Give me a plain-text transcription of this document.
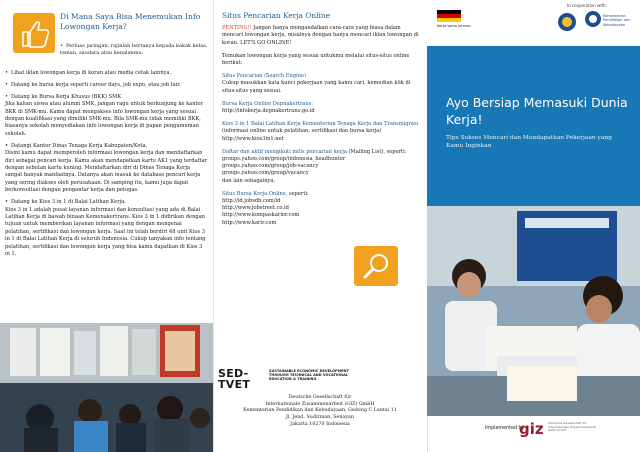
Di Mana Saya Bisa Menemukan Info Lowongan Kerja?
• Perluas jaringan, rajinlah bertanya kepada kakak kelas, teman, saudara atau kenalanmu.

• Lihat iklan lowongan kerja di koran atau media cetak lainnya.

• Datang ke bursa kerja seperti career days, job expo, atau job fair.

• Datang ke Bursa Kerja Khusus (BKK) SMK
Jika kalian siswa atau alumni SMK, jangan ragu untuk berkunjung ke kantor BKK di SMK-mu. Kamu dapat mengakses info lowongan kerja yang sesuai dengan kualifikasi yang dimiliki SMK-mu. Bila SMK-mu tidak memiliki BKK, biasanya sekolah menyediakan info lowongan kerja di papan pengumuman sekolah.

• Datangi Kantor Dinas Tenaga Kerja Kabupaten/Kota.
Disini kamu dapat memperoleh informasi lowongan kerja dan mendaftarkan diri sebagai pencari kerja. Kamu akan mendapatkan kartu AK1 yang terdaftar dengan sebutan kartu kuning. Mendaftarkan diri di Dinas Tenaga Kerja sangat banyak manfaatnya. Datanya akan masuk ke database pencari kerja yang sering diakses oleh perusahaan. Di samping itu, kamu juga dapat berkonsultasi dengan pengantar kerja dan petugas.

• Datang ke Kios 3 in 1 di Balai Latihan Kerja.
Kios 3 in 1 adalah pusat layanan informasi dan konsultasi yang ada di Balai Latihan Kerja di bawah binaan Kemenakertrans. Kios 3 in 1 didirikan dengan tujuan untuk memberikan layanan informasi yang dengan mengenai pelatihan, sertifikasi dan lowongan kerja. Saat ini telah berdiri 48 unit Kios 3 in 1 di Balai Latihan Kerja di seluruh Indonesia. Cukup tanyakan info tentang pelatihan, sertifikasi dan lowongan kerja yang bisa kamu dapatkan di Kios 3 in 1.

Situs Pencarian Kerja Online

PENTING!! Jangan hanya mengandalkan cara-cara yang biasa dalam mencari lowongan kerja, misalnya dengan hanya mencari iklan lowongan di koran. LET'S GO ONLINE!

Temukan lowongan kerja yang sesuai untukmu melalui situs-situs online berikut:

Situs Pencarian (Search Engine)
Cukup masukkan kata kunci pekerjaan yang kamu cari, kemudian klik di situs-situs yang sesuai.

Bursa Kerja Online Depnakertrans:
http://infokerja.depnakertrans.go.id

Kios 3 in 1 Balai Latihan Kerja Kementerian Tenaga Kerja dan Transmigrasi (informasi online untuk pelatihan, sertifikasi dan bursa kerja)
http://www.kios3in1.net

Daftar dan aktif mengikuti milis pencarian kerja (Mailing List), seperti:
groups.yahoo.com/group/indonesia_headhunter
groups.yahoo.com/group/job-vacancy
groups.yahoo.com/group/vacancy
dan lain sebagainya.

Situs Bursa Kerja Online, seperti:
http://id.jobsdb.com/id
http://www.jobstreet.co.id
http://www.kompaskarier.com
http://www.karir.com

SED-
TVET
SUSTAINABLE ECONOMIC DEVELOPMENT THROUGH TECHNICAL AND VOCATIONAL EDUCATION & TRAINING
Deutsche Gesellschaft für
Internationale Zusammenarbeit (GIZ) GmbH
Kementerian Pendidikan dan Kebudayaan, Gedung C Lantai 11
Jl. Jend. Sudirman, Senayan
Jakarta 10270 Indonesia
In cooperation with:
Kerja sama Jerman
Kementerian Pendidikan dan Kebudayaan
Ayo Bersiap Memasuki Dunia Kerja!
Tips Sukses Mencari dan Mendapatkan Pekerjaan yang Kamu Inginkan
Implemented by
giz Deutsche Gesellschaft für Internationale Zusammenarbeit (GIZ) GmbH
